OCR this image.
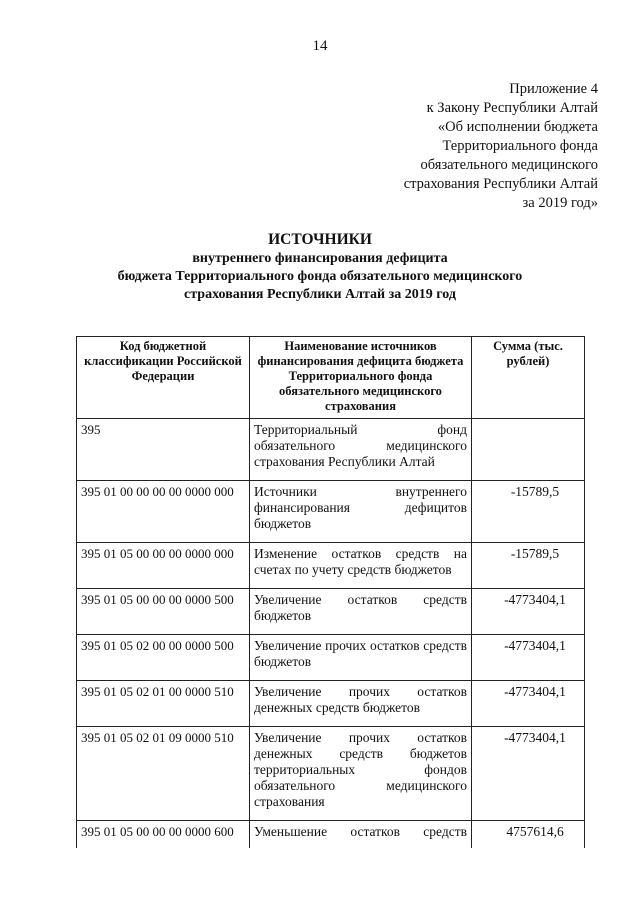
14
Приложение 4
к Закону Республики Алтай
«Об исполнении бюджета
Территориального фонда
обязательного медицинского
страхования Республики Алтай
за 2019 год»
ИСТОЧНИКИ
внутреннего финансирования дефицита
бюджета Территориального фонда обязательного медицинского
страхования Республики Алтай за 2019 год
Код бюджетной классификации Российской Федерации	Наименование источников финансирования дефицита бюджета Территориального фонда обязательного медицинского страхования	Сумма (тыс. рублей)
395	Территориальный фонд обязательного медицинского страхования Республики Алтай	
395 01 00 00 00 00 0000 000	Источники внутреннего финансирования дефицитов бюджетов	-15789,5
395 01 05 00 00 00 0000 000	Изменение остатков средств на счетах по учету средств бюджетов	-15789,5
395 01 05 00 00 00 0000 500	Увеличение остатков средств бюджетов	-4773404,1
395 01 05 02 00 00 0000 500	Увеличение прочих остатков средств бюджетов	-4773404,1
395 01 05 02 01 00 0000 510	Увеличение прочих остатков денежных средств бюджетов	-4773404,1
395 01 05 02 01 09 0000 510	Увеличение прочих остатков денежных средств бюджетов территориальных фондов обязательного медицинского страхования	-4773404,1
395 01 05 00 00 00 0000 600	Уменьшение остатков средств	4757614,6
